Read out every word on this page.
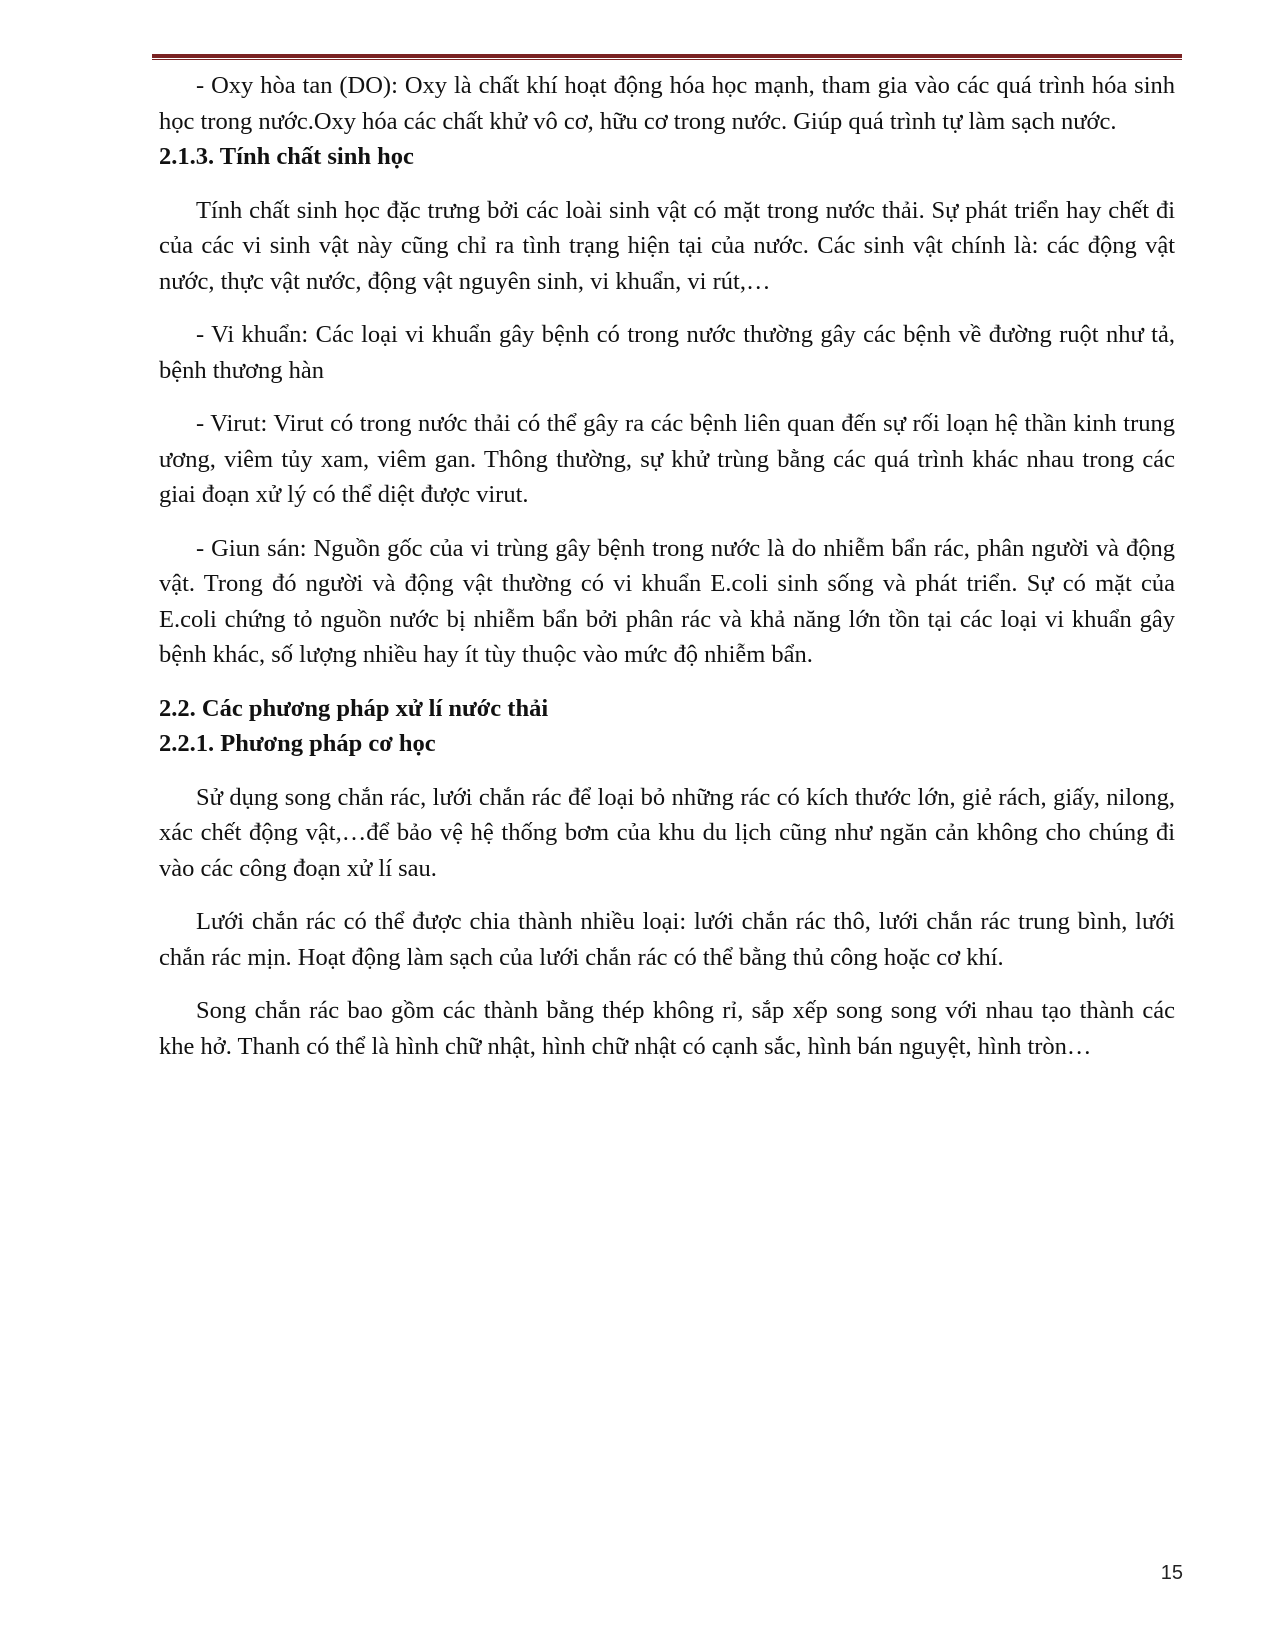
- Oxy hòa tan (DO): Oxy là chất khí hoạt động hóa học mạnh, tham gia vào các quá trình hóa sinh học trong nước.Oxy hóa các chất khử vô cơ, hữu cơ trong nước. Giúp quá trình tự làm sạch nước.

2.1.3. Tính chất sinh học

Tính chất sinh học đặc trưng bởi các loài sinh vật có mặt trong nước thải. Sự phát triển hay chết đi của các vi sinh vật này cũng chỉ ra tình trạng hiện tại của nước. Các sinh vật chính là: các động vật nước, thực vật nước, động vật nguyên sinh, vi khuẩn, vi rút,…

- Vi khuẩn: Các loại vi khuẩn gây bệnh có trong nước thường gây các bệnh về đường ruột như tả, bệnh thương hàn

- Virut: Virut có trong nước thải có thể gây ra các bệnh liên quan đến sự rối loạn hệ thần kinh trung ương, viêm tủy xam, viêm gan. Thông thường, sự khử trùng bằng các quá trình khác nhau trong các giai đoạn xử lý có thể diệt được virut.

- Giun sán: Nguồn gốc của vi trùng gây bệnh trong nước là do nhiễm bẩn rác, phân người và động vật. Trong đó người và động vật thường có vi khuẩn E.coli sinh sống và phát triển. Sự có mặt của E.coli chứng tỏ nguồn nước bị nhiễm bẩn bởi phân rác và khả năng lớn tồn tại các loại vi khuẩn gây bệnh khác, số lượng nhiều hay ít tùy thuộc vào mức độ nhiễm bẩn.

2.2. Các phương pháp xử lí nước thải

2.2.1. Phương pháp cơ học

Sử dụng song chắn rác, lưới chắn rác để loại bỏ những rác có kích thước lớn, giẻ rách, giấy, nilong, xác chết động vật,…để bảo vệ hệ thống bơm của khu du lịch cũng như ngăn cản không cho chúng đi vào các công đoạn xử lí sau.

Lưới chắn rác có thể được chia thành nhiều loại: lưới chắn rác thô, lưới chắn rác trung bình, lưới chắn rác mịn. Hoạt động làm sạch của lưới chắn rác có thể bằng thủ công hoặc cơ khí.

Song chắn rác bao gồm các thành bằng thép không rỉ, sắp xếp song song với nhau tạo thành các khe hở. Thanh có thể là hình chữ nhật, hình chữ nhật có cạnh sắc, hình bán nguyệt, hình tròn…

15
